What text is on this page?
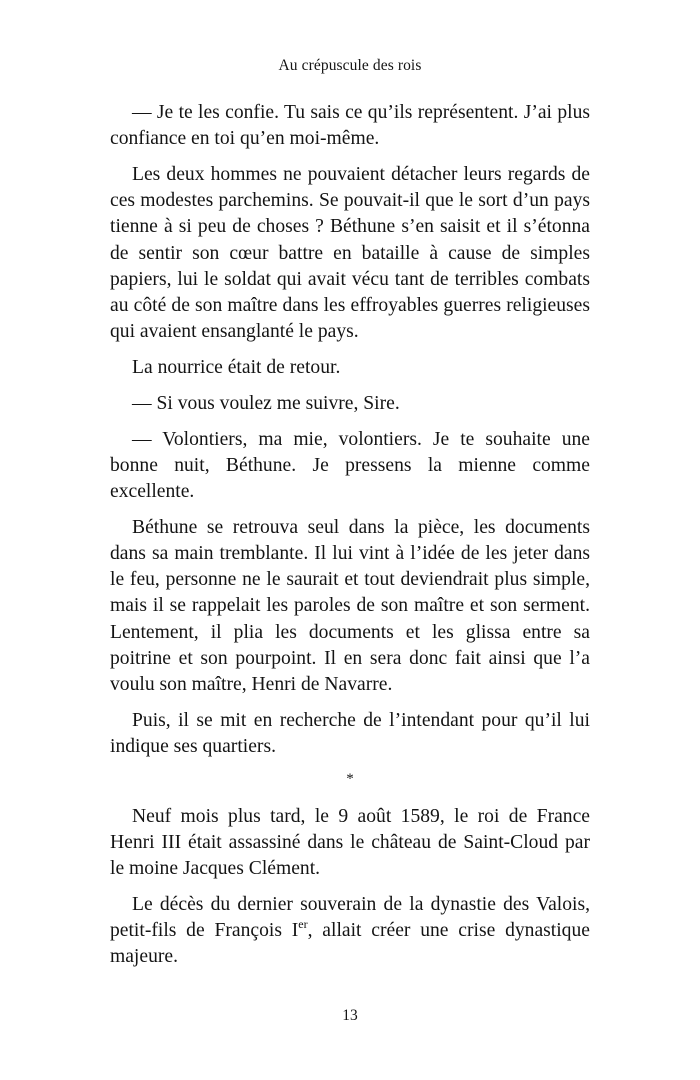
Au crépuscule des rois

— Je te les confie. Tu sais ce qu’ils représentent. J’ai plus confiance en toi qu’en moi-même.

Les deux hommes ne pouvaient détacher leurs regards de ces modestes parchemins. Se pouvait-il que le sort d’un pays tienne à si peu de choses ? Béthune s’en saisit et il s’étonna de sentir son cœur battre en bataille à cause de simples papiers, lui le soldat qui avait vécu tant de terribles combats au côté de son maître dans les effroyables guerres religieuses qui avaient ensanglanté le pays.

La nourrice était de retour.

— Si vous voulez me suivre, Sire.

— Volontiers, ma mie, volontiers. Je te souhaite une bonne nuit, Béthune. Je pressens la mienne comme excellente.

Béthune se retrouva seul dans la pièce, les documents dans sa main tremblante. Il lui vint à l’idée de les jeter dans le feu, personne ne le saurait et tout deviendrait plus simple, mais il se rappelait les paroles de son maître et son serment. Lentement, il plia les documents et les glissa entre sa poitrine et son pourpoint. Il en sera donc fait ainsi que l’a voulu son maître, Henri de Navarre.

Puis, il se mit en recherche de l’intendant pour qu’il lui indique ses quartiers.

*

Neuf mois plus tard, le 9 août 1589, le roi de France Henri III était assassiné dans le château de Saint-Cloud par le moine Jacques Clément.

Le décès du dernier souverain de la dynastie des Valois, petit-fils de François Ier, allait créer une crise dynastique majeure.

13
